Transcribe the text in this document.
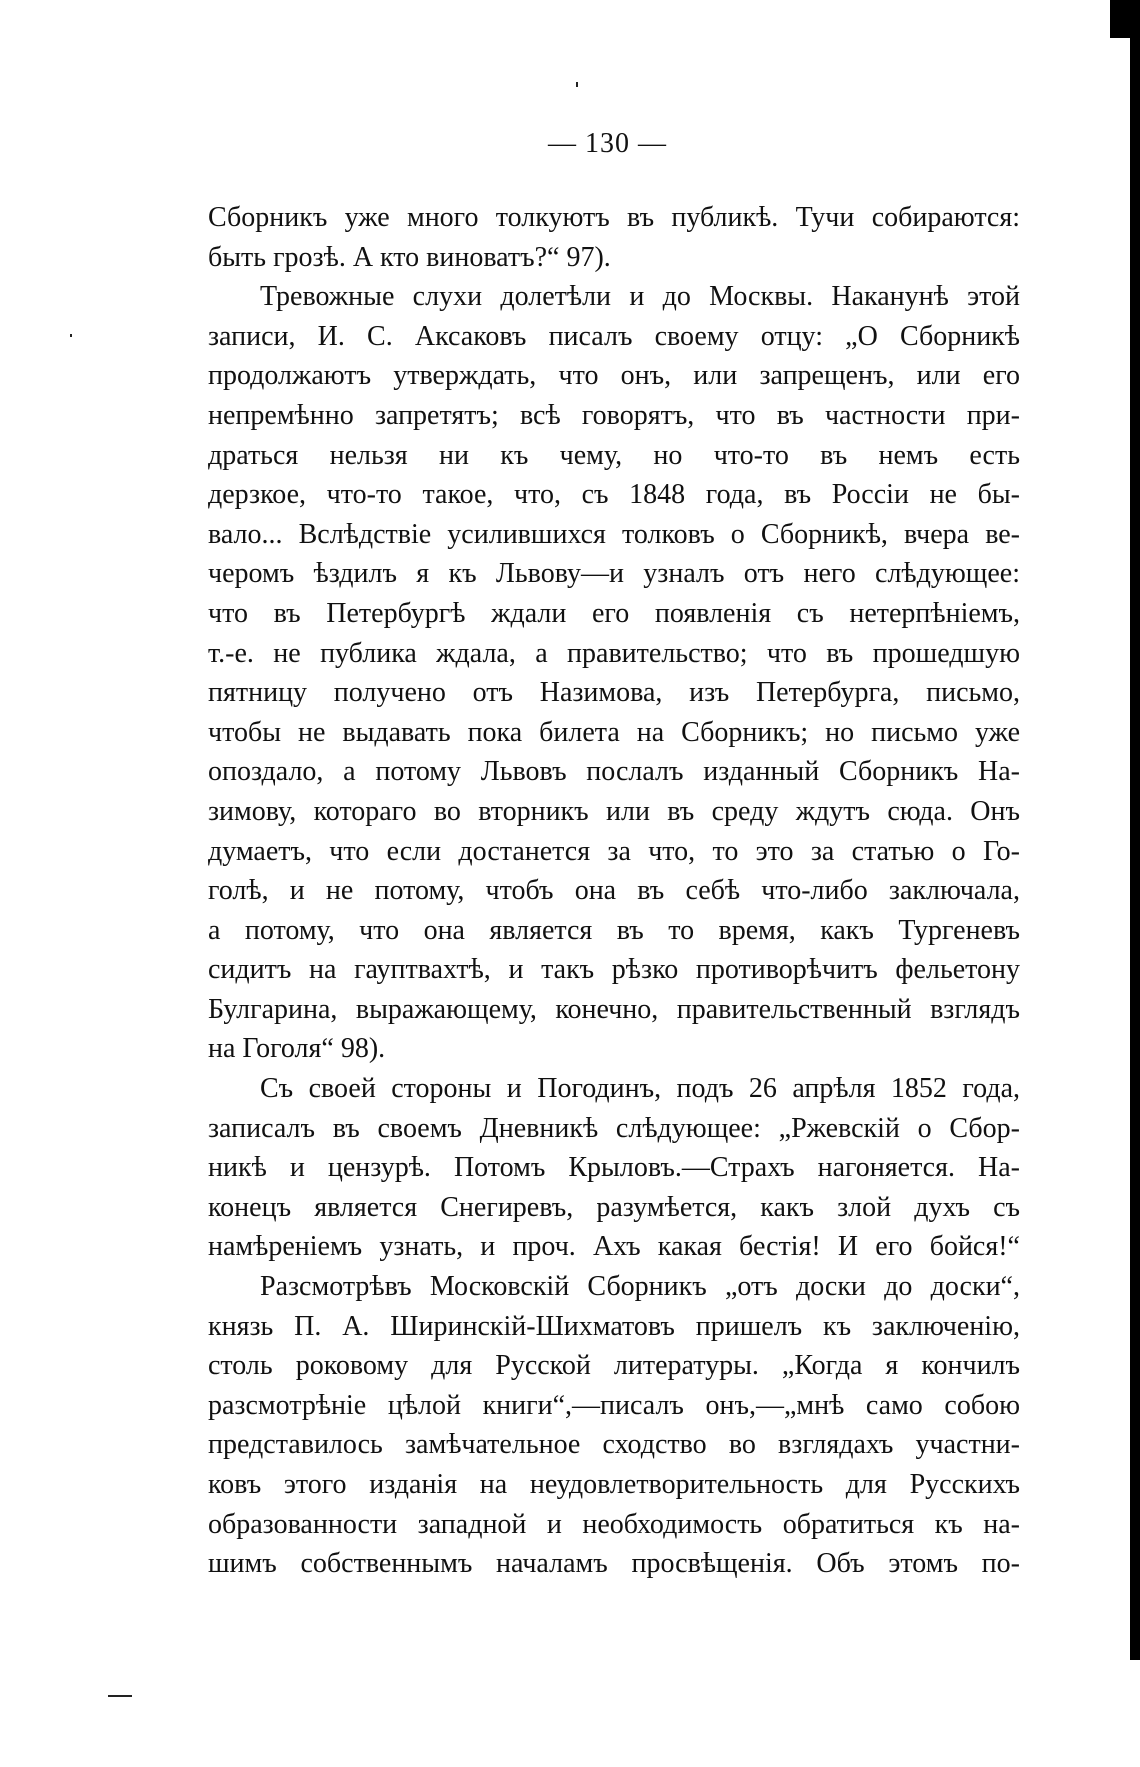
— 130 —

Сборникъ уже много толкуютъ въ публикѣ. Тучи собираются:
быть грозѣ. А кто виноватъ?“ 97).

Тревожные слухи долетѣли и до Москвы. Наканунѣ этой
записи, И. С. Аксаковъ писалъ своему отцу: „О Сборникѣ
продолжаютъ утверждать, что онъ, или запрещенъ, или его
непремѣнно запретятъ; всѣ говорятъ, что въ частности при-
драться нельзя ни къ чему, но что-то въ немъ есть
дерзкое, что-то такое, что, съ 1848 года, въ Россіи не бы-
вало... Вслѣдствіе усилившихся толковъ о Сборникѣ, вчера ве-
черомъ ѣздилъ я къ Львову—и узналъ отъ него слѣдующее:
что въ Петербургѣ ждали его появленія съ нетерпѣніемъ,
т.-е. не публика ждала, а правительство; что въ прошедшую
пятницу получено отъ Назимова, изъ Петербурга, письмо,
чтобы не выдавать пока билета на Сборникъ; но письмо уже
опоздало, а потому Львовъ послалъ изданный Сборникъ На-
зимову, котораго во вторникъ или въ среду ждутъ сюда. Онъ
думаетъ, что если достанется за что, то это за статью о Го-
голѣ, и не потому, чтобъ она въ себѣ что-либо заключала,
а потому, что она является въ то время, какъ Тургеневъ
сидитъ на гауптвахтѣ, и такъ рѣзко противорѣчитъ фельетону
Булгарина, выражающему, конечно, правительственный взглядъ
на Гоголя“ 98).

Съ своей стороны и Погодинъ, подъ 26 апрѣля 1852 года,
записалъ въ своемъ Дневникѣ слѣдующее: „Ржевскій о Сбор-
никѣ и цензурѣ. Потомъ Крыловъ.—Страхъ нагоняется. На-
конецъ является Снегиревъ, разумѣется, какъ злой духъ съ
намѣреніемъ узнать, и проч. Ахъ какая бестія! И его бойся!“

Разсмотрѣвъ Московскій Сборникъ „отъ доски до доски“,
князь П. А. Ширинскій-Шихматовъ пришелъ къ заключенію,
столь роковому для Русской литературы. „Когда я кончилъ
разсмотрѣніе цѣлой книги“,—писалъ онъ,—„мнѣ само собою
представилось замѣчательное сходство во взглядахъ участни-
ковъ этого изданія на неудовлетворительность для Русскихъ
образованности западной и необходимость обратиться къ на-
шимъ собственнымъ началамъ просвѣщенія. Объ этомъ по-
